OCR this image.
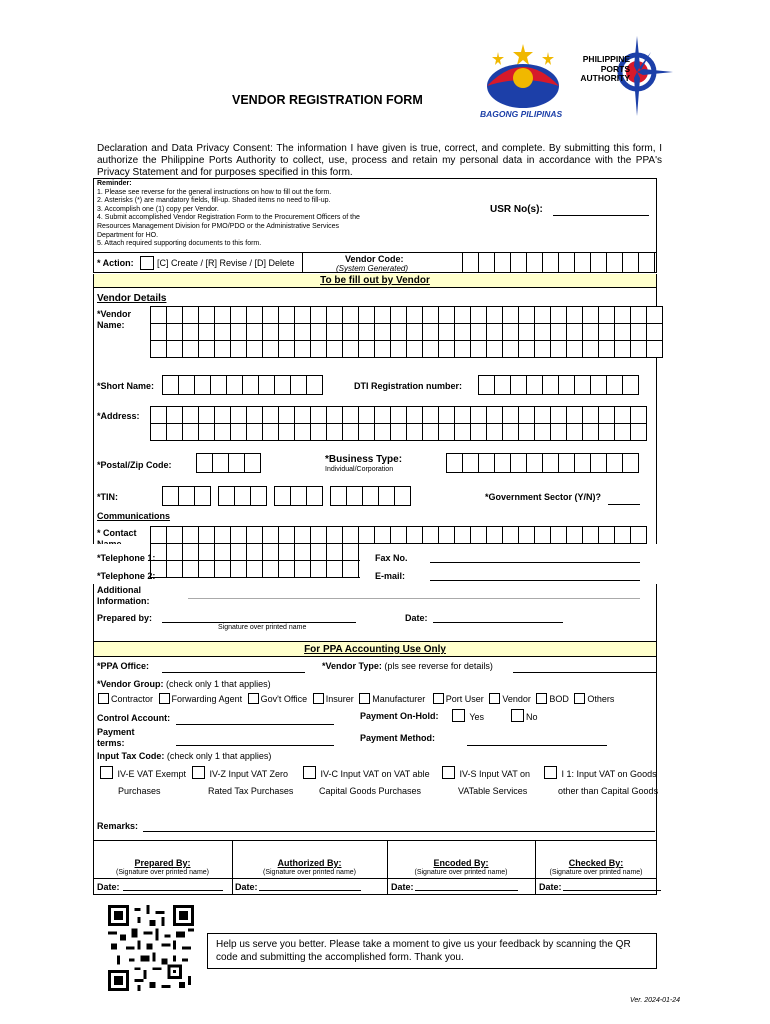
BAGONG PILIPINAS
PHILIPPINE
PORTS
AUTHORITY
VENDOR REGISTRATION FORM
Declaration and Data Privacy Consent: The information I have given is true, correct, and complete. By submitting this form, I authorize the Philippine Ports Authority to collect, use, process and retain my personal data in accordance with the PPA's Privacy Statement and for purposes specified in this form.
Reminder:
1. Please see reverse for the general instructions on how to fill out the form.
2. Asterisks (*) are mandatory fields, fill-up. Shaded items no need to fill-up.
3. Accomplish one (1) copy per Vendor.
4. Submit accomplished Vendor Registration Form to the Procurement Officers of the Resources Management Division for PMO/PDO or the Administrative Services Department for HO.
5. Attach required supporting documents to this form.
USR No(s):
* Action:	[C] Create / [R] Revise / [D] Delete	Vendor Code:
(System Generated)
To be fill out by Vendor
Vendor Details
*Vendor Name:
*Short Name:	DTI Registration number:
*Address:
*Postal/Zip Code:	*Business Type:
Individual/Corporation
*TIN:	*Government Sector (Y/N)?
Communications
* Contact
*Telephone 1:
*Telephone 2:
Fax No.
E-mail:
Additional Information:
Prepared by:
Signature over printed name
Date:
For PPA Accounting Use Only
*PPA Office:	*Vendor Type: (pls see reverse for details)
*Vendor Group: (check only 1 that applies)
Contractor Forwarding Agent Gov't Office Insurer Manufacturer Port User Vendor BOD Others
Control Account:	Payment On-Hold:	Yes	No
Payment terms:	Payment Method:
Input Tax Code: (check only 1 that applies)
IV-E VAT Exempt	IV-Z Input VAT Zero	IV-C Input VAT on VAT able	IV-S Input VAT on	I 1: Input VAT on Goods
Purchases	Rated Tax Purchases	Capital Goods Purchases	VATable Services	other than Capital Goods
Remarks:
Prepared By:
(Signature over printed name)
Date:
Authorized By:
(Signature over printed name)
Date:
Encoded By:
(Signature over printed name)
Date:
Checked By:
(Signature over printed name)
Date:
Help us serve you better. Please take a moment to give us your feedback by scanning the QR code and submitting the accomplished form. Thank you.
Ver. 2024-01-24
